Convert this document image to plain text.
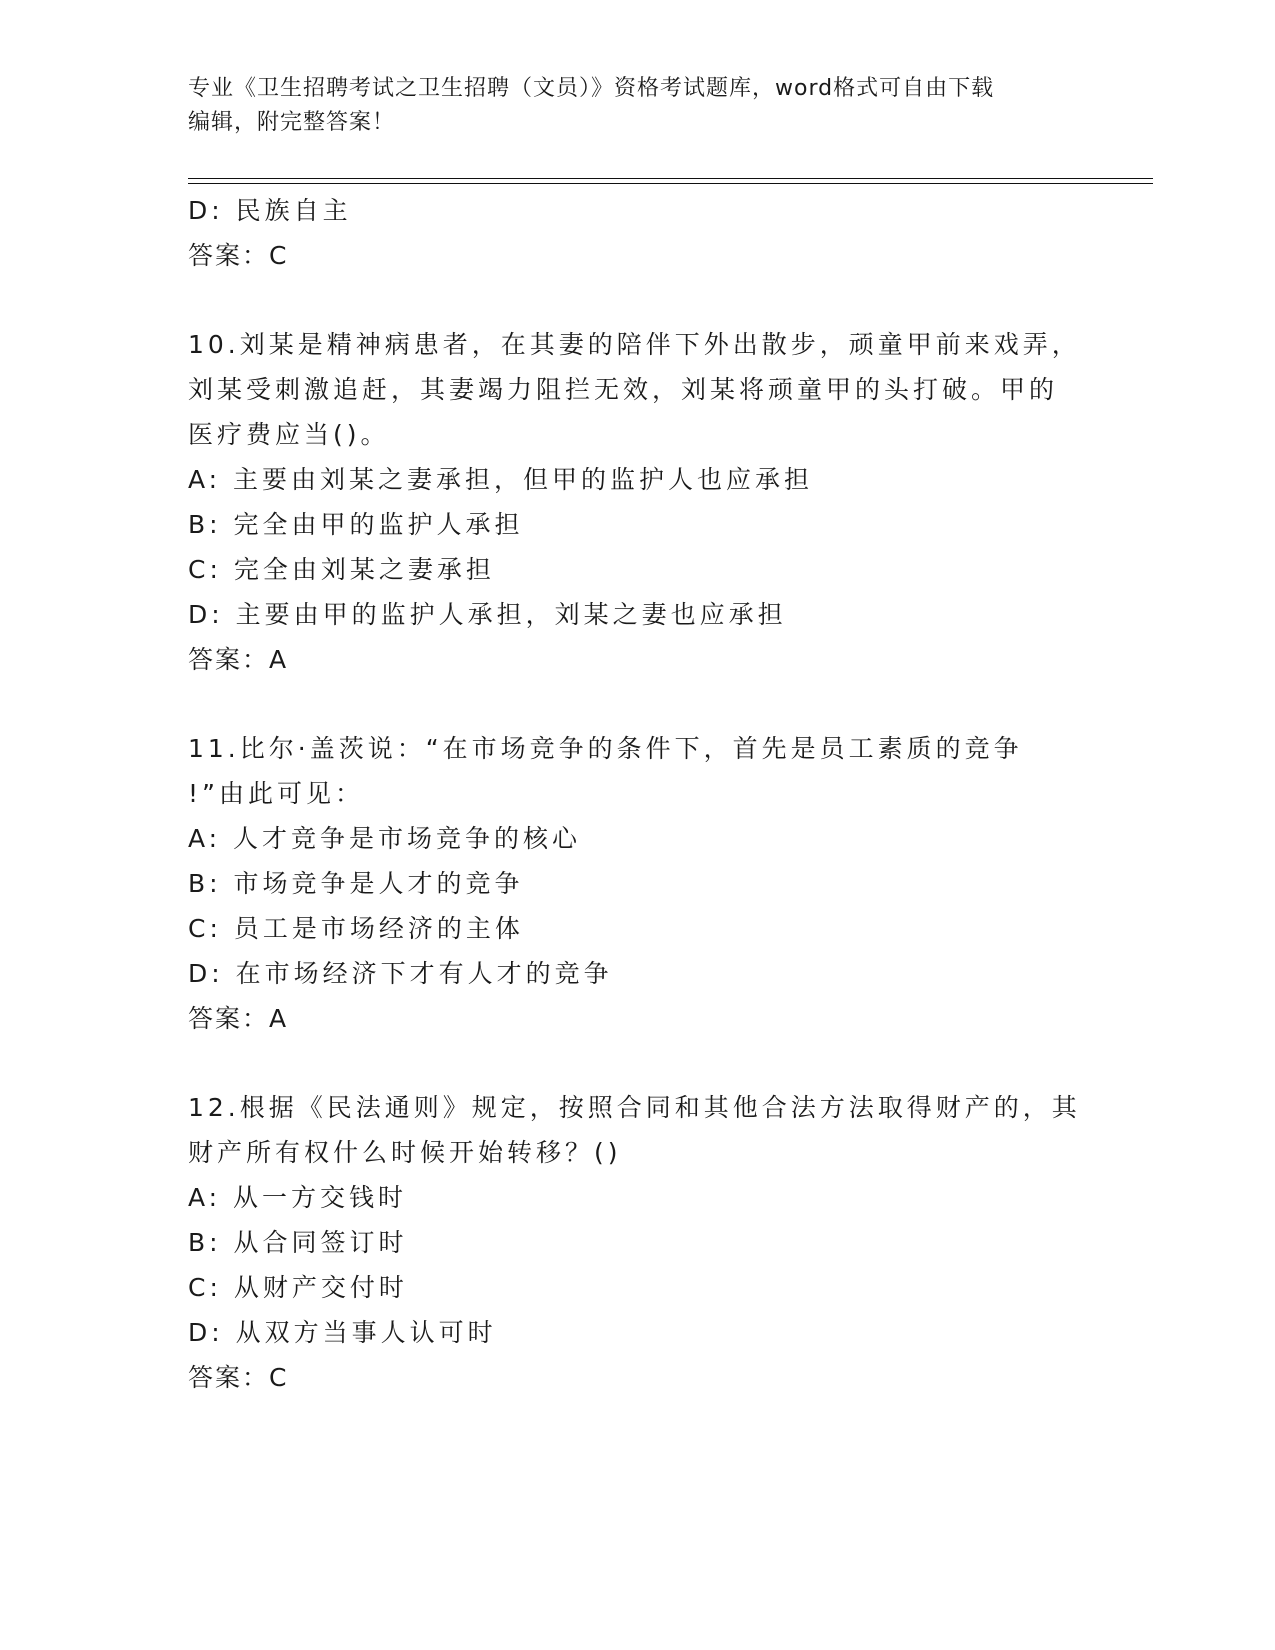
专业《卫生招聘考试之卫生招聘（文员）》资格考试题库，word格式可自由下载
编辑，附完整答案！
D: 民族自主
答案：C
10.刘某是精神病患者，在其妻的陪伴下外出散步，顽童甲前来戏弄，
刘某受刺激追赶，其妻竭力阻拦无效，刘某将顽童甲的头打破。甲的
医疗费应当()。
A: 主要由刘某之妻承担，但甲的监护人也应承担
B: 完全由甲的监护人承担
C: 完全由刘某之妻承担
D: 主要由甲的监护人承担，刘某之妻也应承担
答案：A
11.比尔·盖茨说：“在市场竞争的条件下，首先是员工素质的竞争
!”由此可见：
A: 人才竞争是市场竞争的核心
B: 市场竞争是人才的竞争
C: 员工是市场经济的主体
D: 在市场经济下才有人才的竞争
答案：A
12.根据《民法通则》规定，按照合同和其他合法方法取得财产的，其
财产所有权什么时候开始转移？()
A: 从一方交钱时
B: 从合同签订时
C: 从财产交付时
D: 从双方当事人认可时
答案：C
